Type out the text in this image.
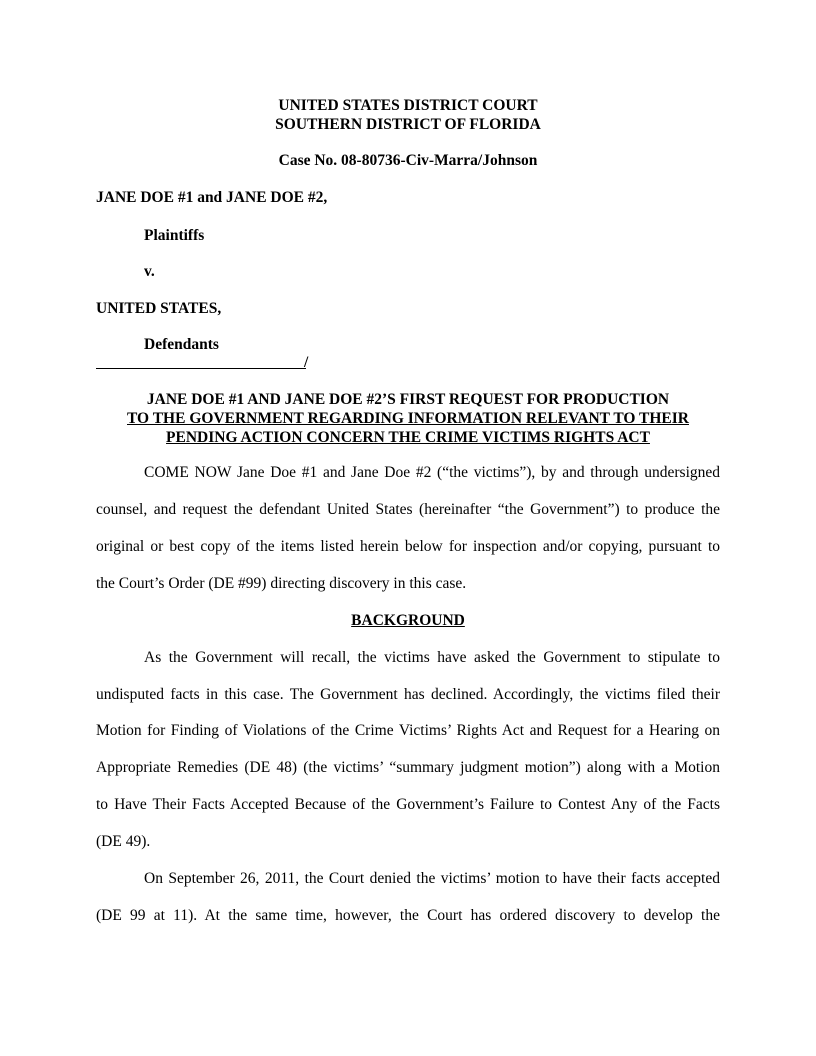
UNITED STATES DISTRICT COURT
SOUTHERN DISTRICT OF FLORIDA
Case No. 08-80736-Civ-Marra/Johnson
JANE DOE #1 and JANE DOE #2,
Plaintiffs
v.
UNITED STATES,
Defendants
/
JANE DOE #1 AND JANE DOE #2’S FIRST REQUEST FOR PRODUCTION
TO THE GOVERNMENT REGARDING INFORMATION RELEVANT TO THEIR
PENDING ACTION CONCERN THE CRIME VICTIMS RIGHTS ACT
COME NOW Jane Doe #1 and Jane Doe #2 (“the victims”), by and through undersigned
counsel, and request the defendant United States (hereinafter “the Government”) to produce the
original or best copy of the items listed herein below for inspection and/or copying, pursuant to
the Court’s Order (DE #99) directing discovery in this case.
BACKGROUND
As the Government will recall, the victims have asked the Government to stipulate to
undisputed facts in this case. The Government has declined. Accordingly, the victims filed their
Motion for Finding of Violations of the Crime Victims’ Rights Act and Request for a Hearing on
Appropriate Remedies (DE 48) (the victims’ “summary judgment motion”) along with a Motion
to Have Their Facts Accepted Because of the Government’s Failure to Contest Any of the Facts
(DE 49).
On September 26, 2011, the Court denied the victims’ motion to have their facts accepted
(DE 99 at 11). At the same time, however, the Court has ordered discovery to develop the
